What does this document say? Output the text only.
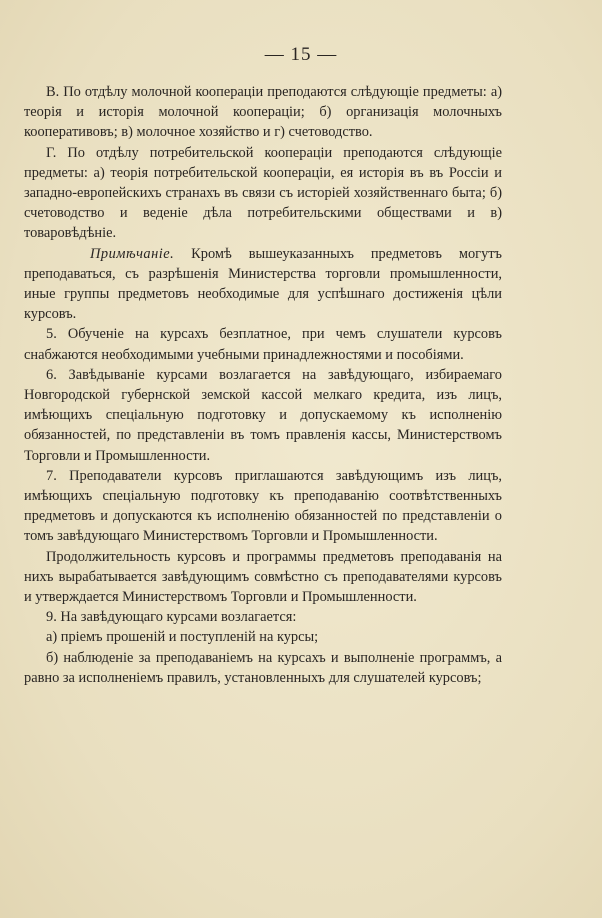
— 15 —

В. По отдѣлу молочной кооперацiи преподаются слѣдующiе предметы: а) теорiя и исторiя молочной кооперацiи; б) организацiя молочныхъ кооперативовъ; в) молочное хозяйство и г) счетоводство.

Г. По отдѣлу потребительской кооперацiи преподаются слѣдующiе предметы: а) теорiя потребительской кооперацiи, ея исторiя въ въ Россiи и западно-европейскихъ странахъ въ связи съ исторiей хозяйственнаго быта; б) счетоводство и веденiе дѣла потребительскими обществами и в) товаровѣдѣнiе.

Примѣчанiе. Кромѣ вышеуказанныхъ предметовъ могутъ преподаваться, съ разрѣшенiя Министерства торговли промышленности, иные группы предметовъ необходимые для успѣшнаго достиженiя цѣли курсовъ.

5. Обученiе на курсахъ безплатное, при чемъ слушатели курсовъ снабжаются необходимыми учебными принадлежностями и пособiями.

6. Завѣдыванiе курсами возлагается на завѣдующаго, избираемаго Новгородской губернской земской кассой мелкаго кредита, изъ лицъ, имѣющихъ спецiальную подготовку и допускаемому къ исполненiю обязанностей, по представленiи въ томъ правленiя кассы, Министерствомъ Торговли и Промышленности.

7. Преподаватели курсовъ приглашаются завѣдующимъ изъ лицъ, имѣющихъ спецiальную подготовку къ преподаванiю соотвѣтственныхъ предметовъ и допускаются къ исполненiю обязанностей по представленiи о томъ завѣдующаго Министерствомъ Торговли и Промышленности.

Продолжительность курсовъ и программы предметовъ преподаванiя на нихъ вырабатывается завѣдующимъ совмѣстно съ преподавателями курсовъ и утверждается Министерствомъ Торговли и Промышленности.

9. На завѣдующаго курсами возлагается:

а) прiемъ прошенiй и поступленiй на курсы;

б) наблюденiе за преподаванiемъ на курсахъ и выполненiе программъ, а равно за исполненiемъ правилъ, установленныхъ для слушателей курсовъ;
